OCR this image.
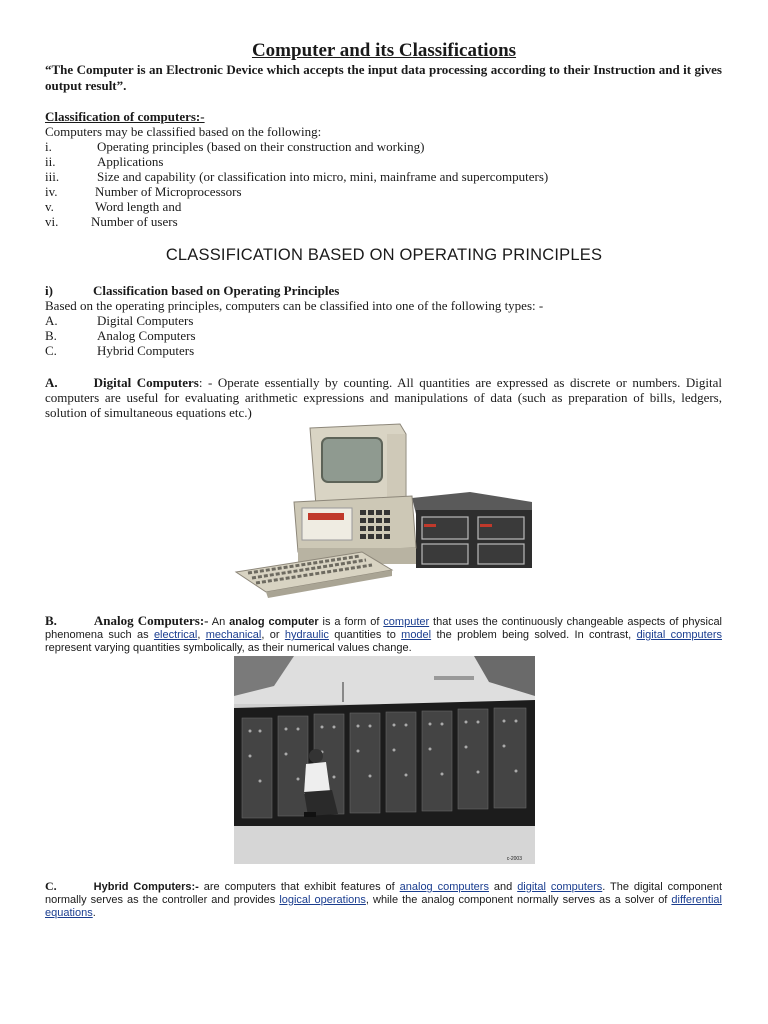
Computer and its Classifications
“The Computer is an Electronic Device which accepts the input data processing according to their Instruction and it gives output result”.
Classification of computers:-
Computers may be classified based on the following:
i.	Operating principles (based on their construction and working)
ii.	Applications
iii.	Size and capability (or classification into micro, mini, mainframe and supercomputers)
iv.	Number of Microprocessors
v.	Word length and
vi.	Number of users
CLASSIFICATION BASED ON OPERATING PRINCIPLES
i)	Classification based on Operating Principles
Based on the operating principles, computers can be classified into one of the following types: -
A.	Digital Computers
B.	Analog Computers
C.	Hybrid Computers
A.	Digital Computers: - Operate essentially by counting. All quantities are expressed as discrete or numbers. Digital computers are useful for evaluating arithmetic expressions and manipulations of data (such as preparation of bills, ledgers, solution of simultaneous equations etc.)
B.	Analog Computers:- An analog computer is a form of computer that uses the continuously changeable aspects of physical phenomena such as electrical, mechanical, or hydraulic quantities to model the problem being solved. In contrast, digital computers represent varying quantities symbolically, as their numerical values change.
c-2003
C.	Hybrid Computers:- are computers that exhibit features of analog computers and digital computers. The digital component normally serves as the controller and provides logical operations, while the analog component normally serves as a solver of differential equations.
